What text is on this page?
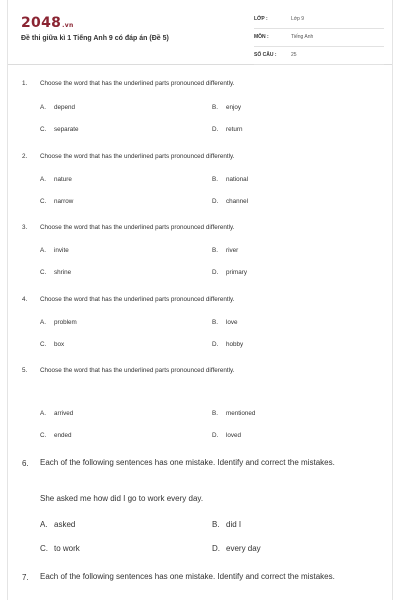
2048.vn
Đề thi giữa kì 1 Tiếng Anh 9 có đáp án (Đề 5)
LỚP :	Lớp 9
MÔN :	Tiếng Anh
SỐ CÂU :	25
1. Choose the word that has the underlined parts pronounced differently.
A. depend	B. enjoy
C. separate	D. return
2. Choose the word that has the underlined parts pronounced differently.
A. nature	B. national
C. narrow	D. channel
3. Choose the word that has the underlined parts pronounced differently.
A. invite	B. river
C. shrine	D. primary
4. Choose the word that has the underlined parts pronounced differently.
A. problem	B. love
C. box	D. hobby
5. Choose the word that has the underlined parts pronounced differently.
A. arrived	B. mentioned
C. ended	D. loved
6. Each of the following sentences has one mistake. Identify and correct the mistakes.
She asked me how did I go to work every day.
A. asked	B. did I
C. to work	D. every day
7. Each of the following sentences has one mistake. Identify and correct the mistakes.
